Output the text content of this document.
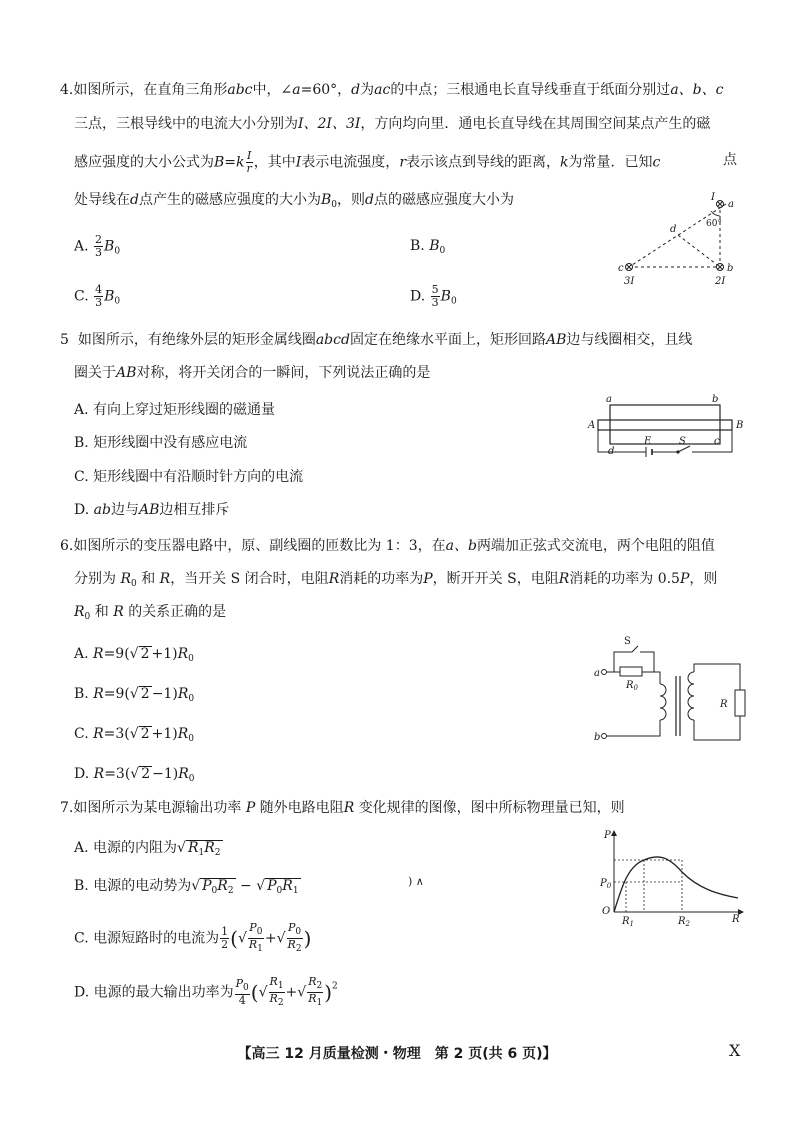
4.如图所示，在直角三角形abc中，∠a=60°，d为ac的中点；三根通电长直导线垂直于纸面分别过a、b、c
三点，三根导线中的电流大小分别为I、2I、3I，方向均向里．通电长直导线在其周围空间某点产生的磁
感应强度的大小公式为$B=k \frac{I}{r}$ ，其中I表示电流强度，r表示该点到导线的距离，k为常量．已知c	点
处导线在d点产生的磁感应强度的大小为$B_0$，则d点的磁感应强度大小为
A. $\frac{2}{3} B_0$	B. $B_0$
C. $\frac{4}{3} B_0$	D. $\frac{5}{3} B_0$
I
a
60°
d
c	b
3I	2I
5 如图所示，有绝缘外层的矩形金属线圈abcd固定在绝缘水平面上，矩形回路AB边与线圈相交，且线
圈关于AB对称，将开关闭合的一瞬间，下列说法正确的是
A. 有向上穿过矩形线圈的磁通量
B. 矩形线圈中没有感应电流
C. 矩形线圈中有沿顺时针方向的电流
D. ab边与AB边相互排斥
a	b
A	B
d
c
E	S
6.如图所示的变压器电路中，原、副线圈的匝数比为 1：3，在a、b两端加正弦式交流电，两个电阻的阻值
分别为 $R_0$ 和 R，当开关 S 闭合时，电阻R消耗的功率为P，断开开关 S，电阻R消耗的功率为 0.5P，则
$R_0$ 和 R 的关系正确的是
A. R=9(√ $2 +1)R_0$
B. R=9(√ $2 -1)R_0$
C. R=3(√ $2 +1)R_0$
D. R=3(√ $2 -1)R_0$
S
a
b
$R_0$
R
7.如图所示为某电源输出功率 P 随外电路电阻R 变化规律的图像，图中所标物理量已知，则
A. 电源的内阻为√ $R_1R_2$
B. 电源的电动势为√ $P_0R_2$ − √ $P_0R_1$
C. 电源短路时的电流为 $\frac{1}{2}$ (√ $\frac{P_0}{R_1}$ +√ $\frac{P_0}{R_2}$ )
D. 电源的最大输出功率为 $\frac{P_0}{4}$ (√ $\frac{R_1}{R_2}$ +√ $\frac{R_2}{R_1} )^2$
P
$P_0$
O
$R_1$	$R_2$	R
) ∧
【高三 12 月质量检测・物理　第 2 页(共 6 页)】	X
